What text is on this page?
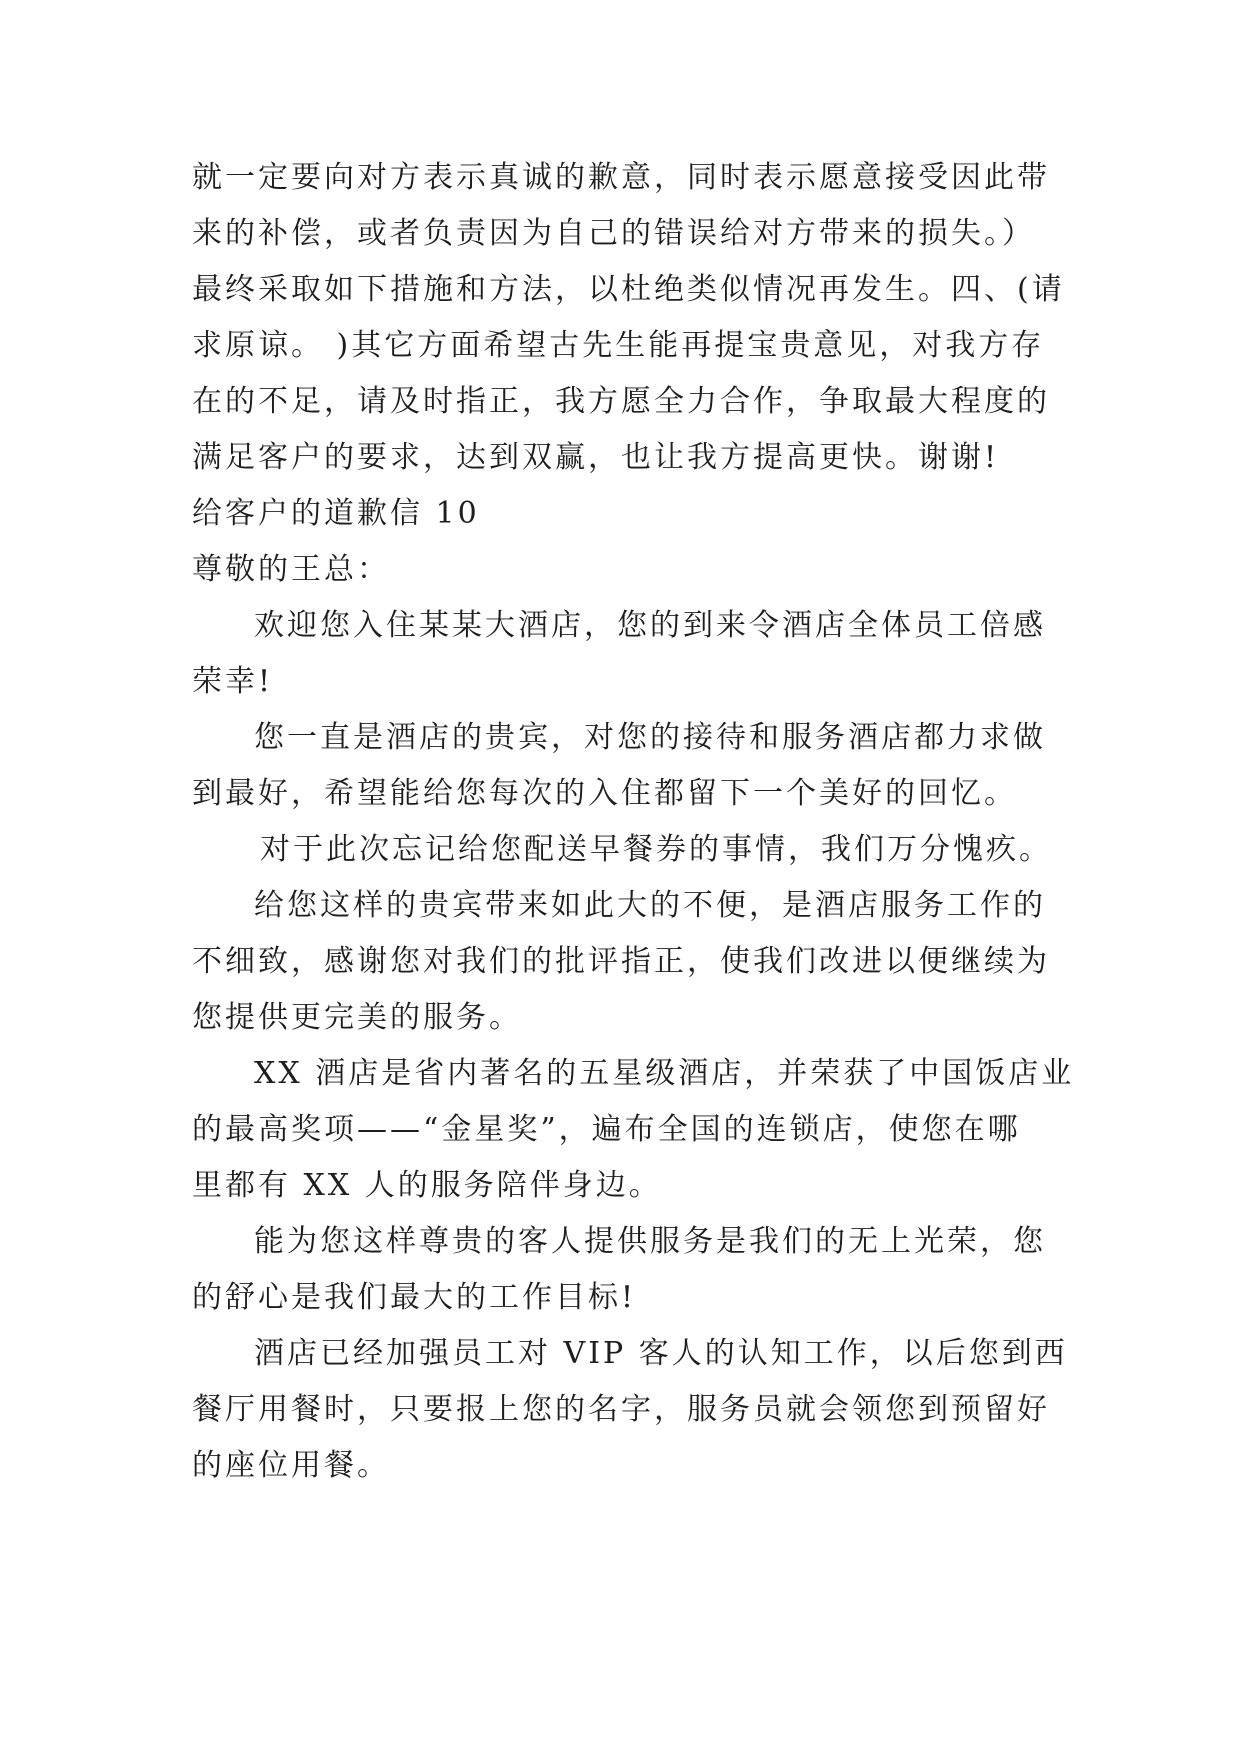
就一定要向对方表示真诚的歉意，同时表示愿意接受因此带
来的补偿，或者负责因为自己的错误给对方带来的损失。）
最终采取如下措施和方法，以杜绝类似情况再发生。四、(请
求原谅。 )其它方面希望古先生能再提宝贵意见，对我方存
在的不足，请及时指正，我方愿全力合作，争取最大程度的
满足客户的要求，达到双赢，也让我方提高更快。谢谢!
给客户的道歉信 10
尊敬的王总：
欢迎您入住某某大酒店，您的到来令酒店全体员工倍感
荣幸!
您一直是酒店的贵宾，对您的接待和服务酒店都力求做
到最好，希望能给您每次的入住都留下一个美好的回忆。
对于此次忘记给您配送早餐券的事情，我们万分愧疚。
给您这样的贵宾带来如此大的不便，是酒店服务工作的
不细致，感谢您对我们的批评指正，使我们改进以便继续为
您提供更完美的服务。
XX 酒店是省内著名的五星级酒店，并荣获了中国饭店业
的最高奖项——“金星奖”，遍布全国的连锁店，使您在哪
里都有 XX 人的服务陪伴身边。
能为您这样尊贵的客人提供服务是我们的无上光荣，您
的舒心是我们最大的工作目标!
酒店已经加强员工对 VIP 客人的认知工作，以后您到西
餐厅用餐时，只要报上您的名字，服务员就会领您到预留好
的座位用餐。
